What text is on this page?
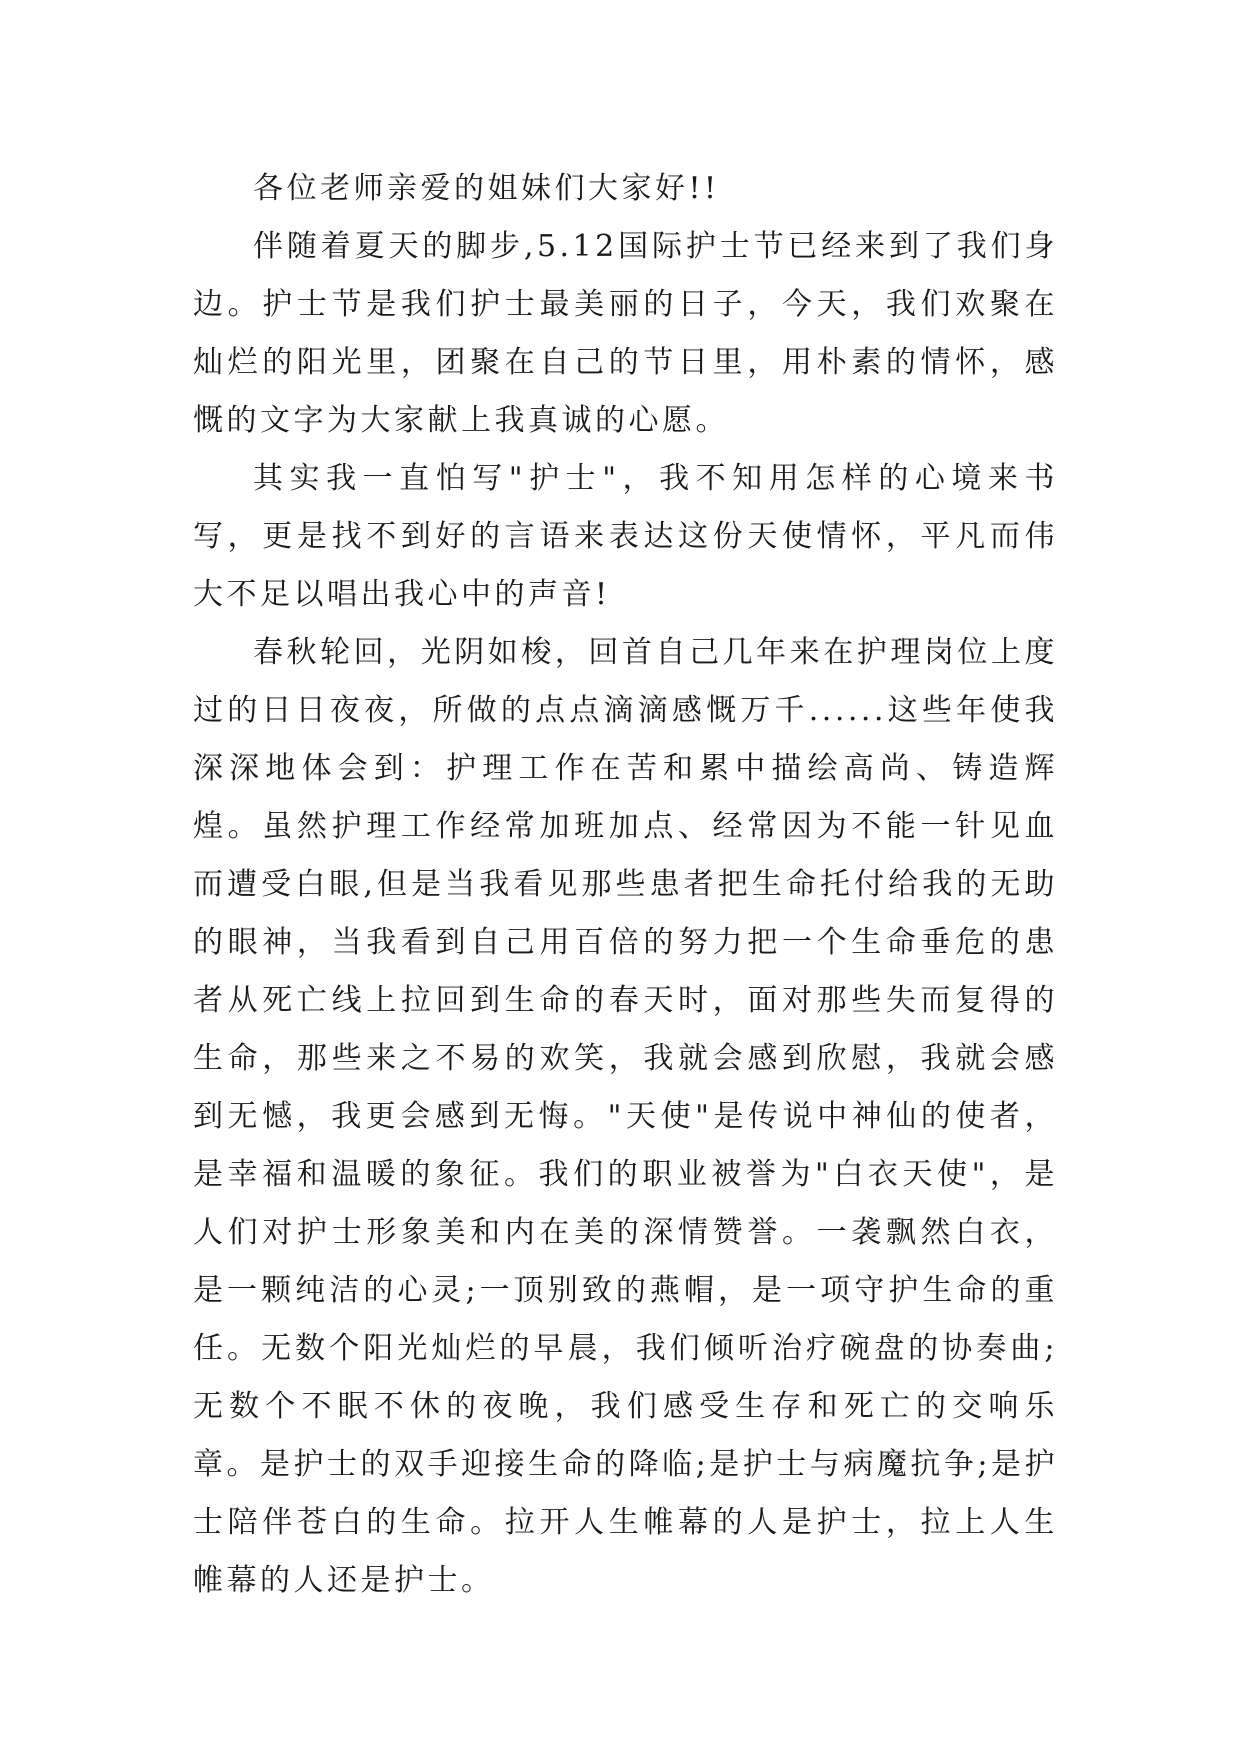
各位老师亲爱的姐妹们大家好!!

伴随着夏天的脚步,5.12国际护士节已经来到了我们身边。护士节是我们护士最美丽的日子，今天，我们欢聚在灿烂的阳光里，团聚在自己的节日里，用朴素的情怀，感慨的文字为大家献上我真诚的心愿。

其实我一直怕写"护士"，我不知用怎样的心境来书写，更是找不到好的言语来表达这份天使情怀，平凡而伟大不足以唱出我心中的声音!

春秋轮回，光阴如梭，回首自己几年来在护理岗位上度过的日日夜夜，所做的点点滴滴感慨万千......这些年使我深深地体会到：护理工作在苦和累中描绘高尚、铸造辉煌。虽然护理工作经常加班加点、经常因为不能一针见血而遭受白眼,但是当我看见那些患者把生命托付给我的无助的眼神，当我看到自己用百倍的努力把一个生命垂危的患者从死亡线上拉回到生命的春天时，面对那些失而复得的生命，那些来之不易的欢笑，我就会感到欣慰，我就会感到无憾，我更会感到无悔。"天使"是传说中神仙的使者，是幸福和温暖的象征。我们的职业被誉为"白衣天使"，是人们对护士形象美和内在美的深情赞誉。一袭飘然白衣，是一颗纯洁的心灵;一顶别致的燕帽，是一项守护生命的重任。无数个阳光灿烂的早晨，我们倾听治疗碗盘的协奏曲;无数个不眠不休的夜晚，我们感受生存和死亡的交响乐章。是护士的双手迎接生命的降临;是护士与病魔抗争;是护士陪伴苍白的生命。拉开人生帷幕的人是护士，拉上人生帷幕的人还是护士。
